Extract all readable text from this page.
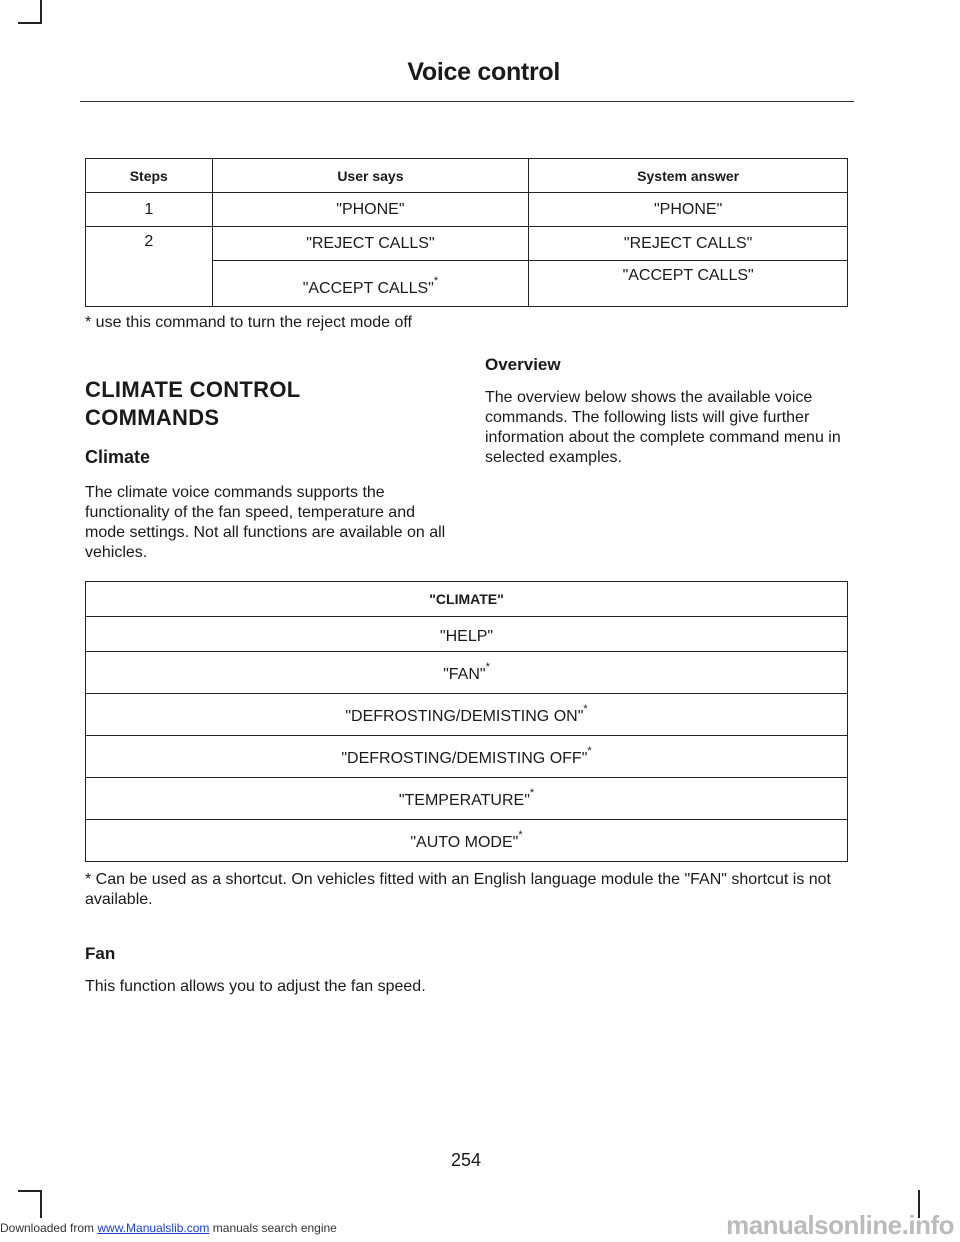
Voice control
Steps	User says	System answer
1	"PHONE"	"PHONE"
2	"REJECT CALLS"	"REJECT CALLS"
	"ACCEPT CALLS"*	"ACCEPT CALLS"
* use this command to turn the reject mode off
CLIMATE CONTROL
COMMANDS
Climate
The climate voice commands supports the functionality of the fan speed, temperature and mode settings. Not all functions are available on all vehicles.
Overview
The overview below shows the available voice commands. The following lists will give further information about the complete command menu in selected examples.
"CLIMATE"
"HELP"
"FAN"*
"DEFROSTING/DEMISTING ON"*
"DEFROSTING/DEMISTING OFF"*
"TEMPERATURE"*
"AUTO MODE"*
* Can be used as a shortcut. On vehicles fitted with an English language module the "FAN" shortcut is not available.
Fan
This function allows you to adjust the fan speed.
254
Downloaded from www.Manualslib.com manuals search engine	manualsonline.info
